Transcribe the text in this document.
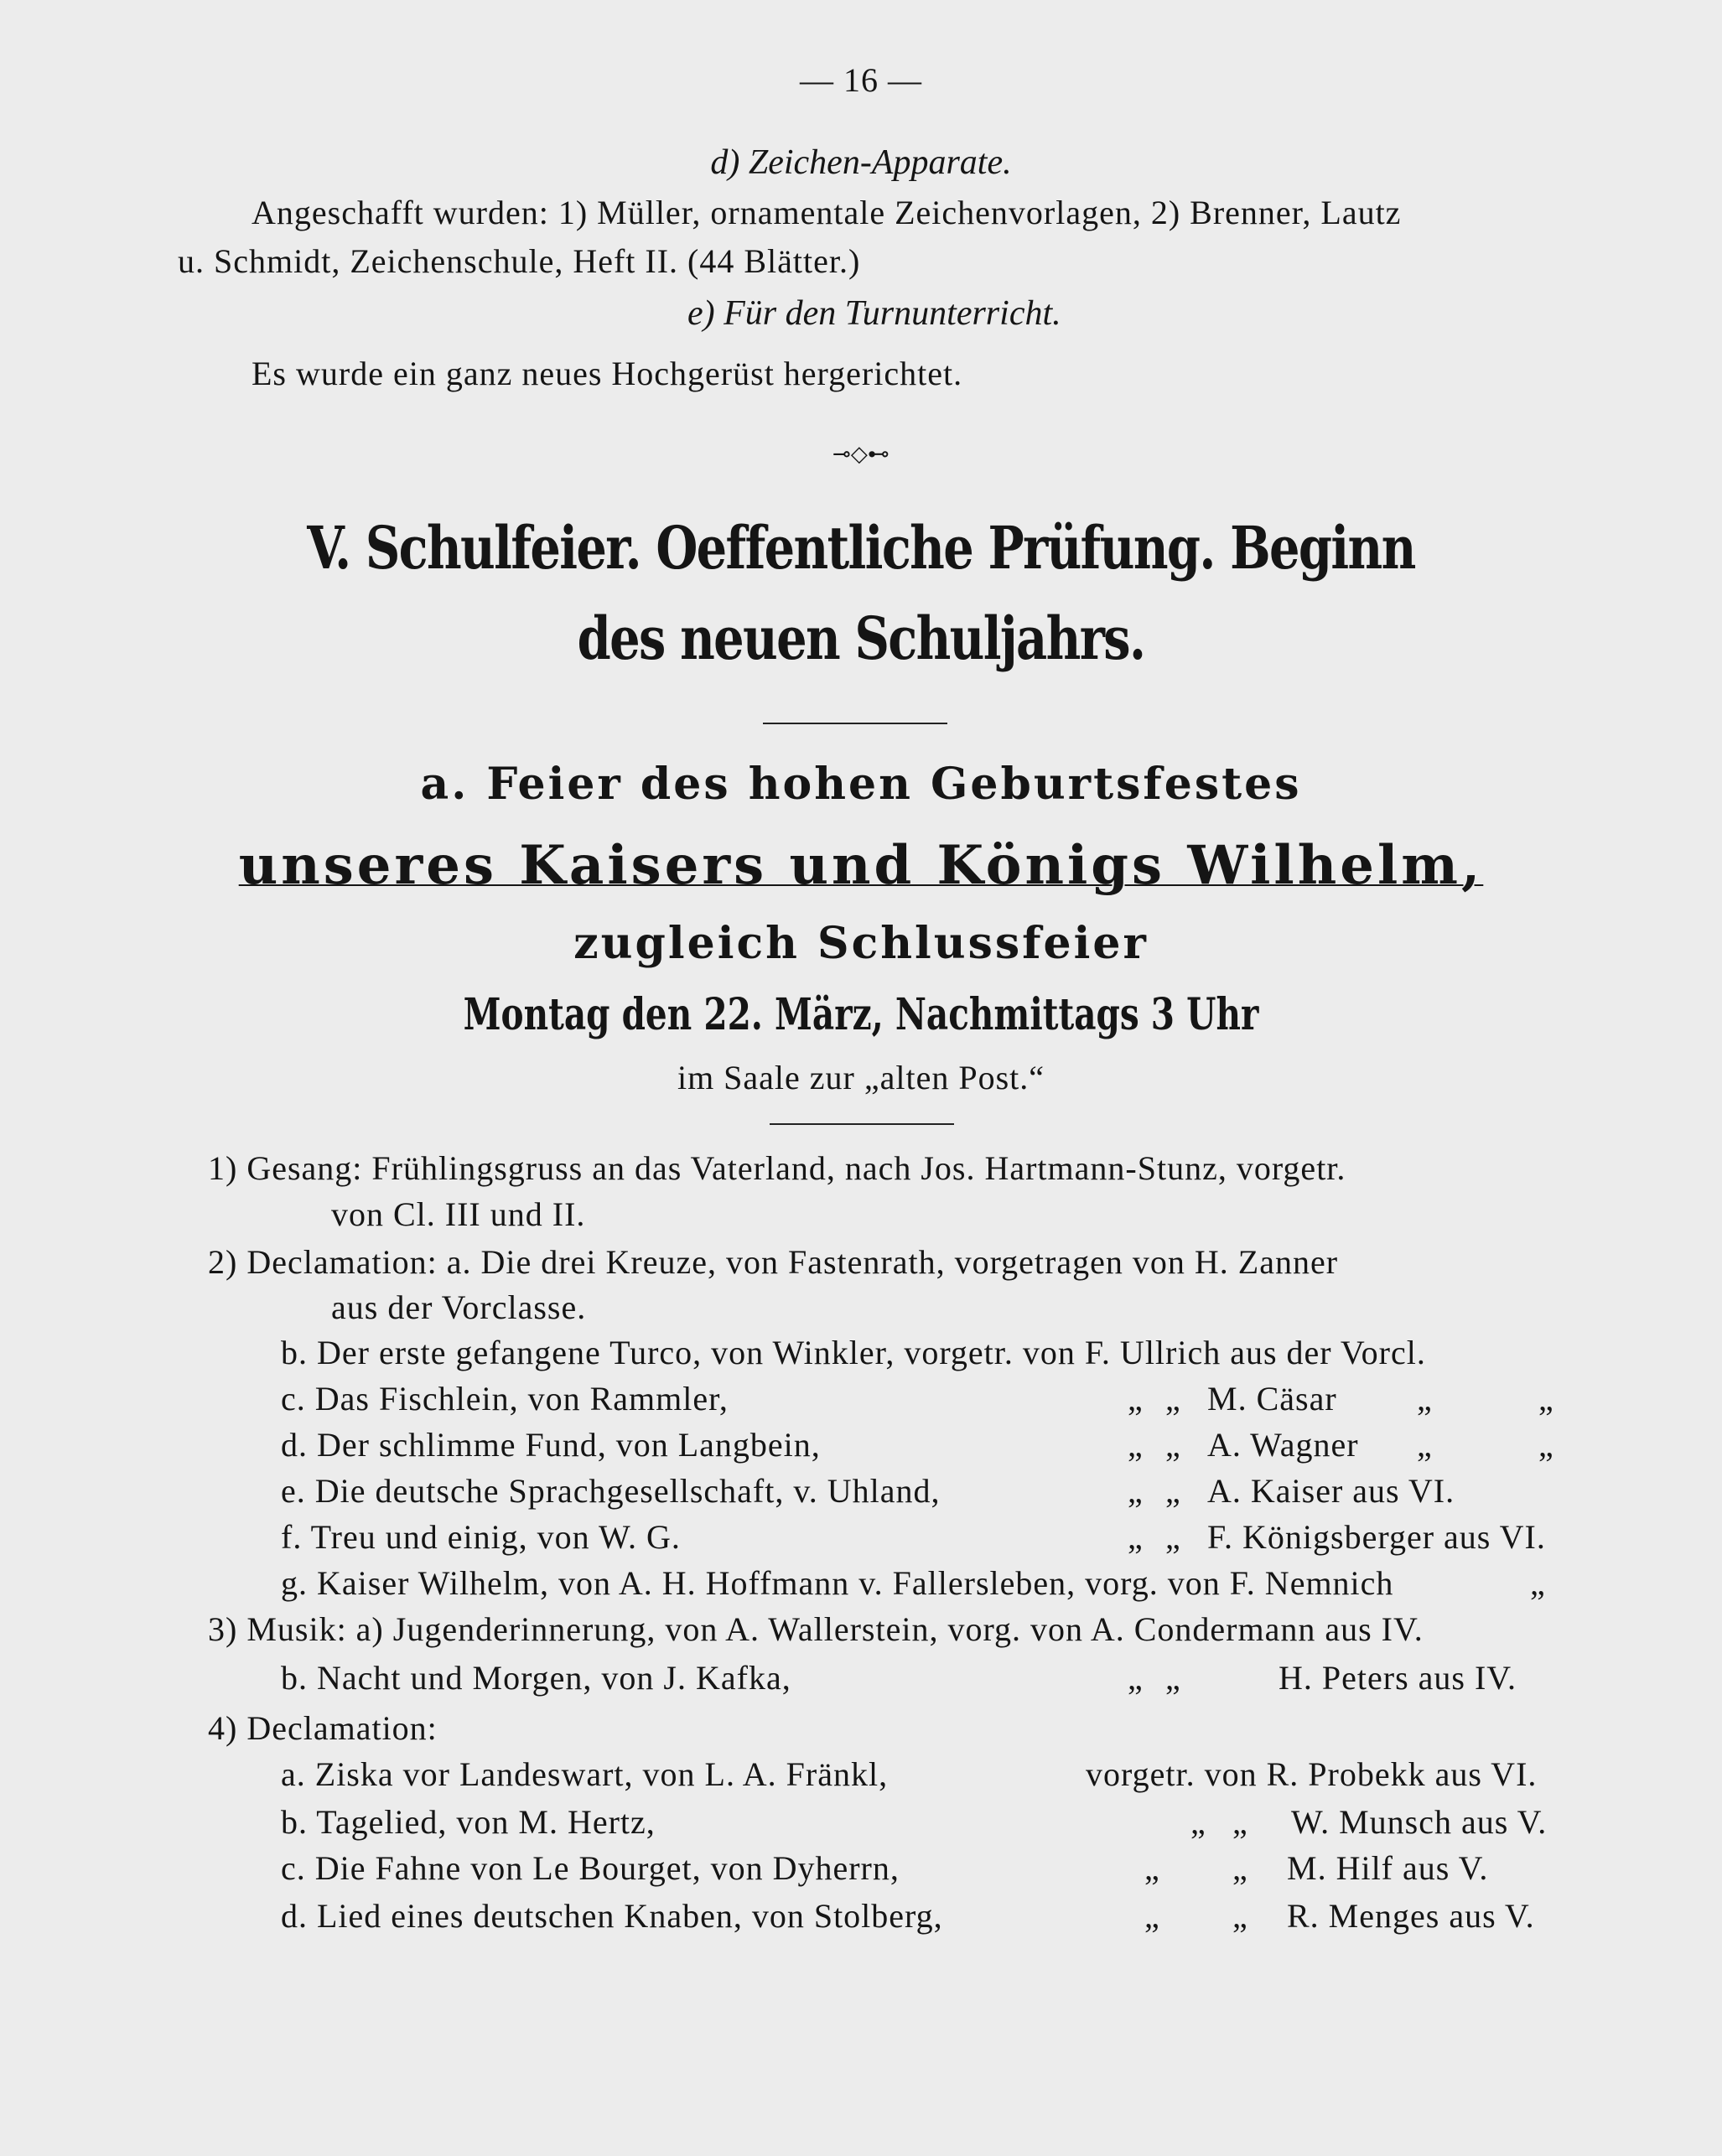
— 16 —
d) Zeichen-Apparate.
Angeschafft wurden: 1) Müller, ornamentale Zeichenvorlagen, 2) Brenner, Lautz
u. Schmidt, Zeichenschule, Heft II. (44 Blätter.)
e) Für den Turnunterricht.
Es wurde ein ganz neues Hochgerüst hergerichtet.
⊸◇⊷
V. Schulfeier. Oeffentliche Prüfung. Beginn
des neuen Schuljahrs.
a. Feier des hohen Geburtsfestes
unseres Kaisers und Königs Wilhelm,
zugleich Schlussfeier
Montag den 22. März, Nachmittags 3 Uhr
im Saale zur „alten Post.“
1) Gesang: Frühlingsgruss an das Vaterland, nach Jos. Hartmann-Stunz, vorgetr.
von Cl. III und II.
2) Declamation: a. Die drei Kreuze, von Fastenrath, vorgetragen von H. Zanner
aus der Vorclasse.
b. Der erste gefangene Turco, von Winkler, vorgetr. von F. Ullrich aus der Vorcl.
c. Das Fischlein, von Rammler,	„ „ M. Cäsar „	„
d. Der schlimme Fund, von Langbein,	„ „ A. Wagner „	„
e. Die deutsche Sprachgesellschaft, v. Uhland,	„ „ A. Kaiser aus VI.
f. Treu und einig, von W. G.	„ „ F. Königsberger aus VI.
g. Kaiser Wilhelm, von A. H. Hoffmann v. Fallersleben, vorg. von F. Nemnich	„
3) Musik: a) Jugenderinnerung, von A. Wallerstein, vorg. von A. Condermann aus IV.
b. Nacht und Morgen, von J. Kafka,	„ „	H. Peters aus IV.
4) Declamation:
a. Ziska vor Landeswart, von L. A. Fränkl,	vorgetr. von R. Probekk aus VI.
b. Tagelied, von M. Hertz,	„ „ W. Munsch aus V.
c. Die Fahne von Le Bourget, von Dyherrn,	„ „ M. Hilf aus V.
d. Lied eines deutschen Knaben, von Stolberg,	„ „ R. Menges aus V.
